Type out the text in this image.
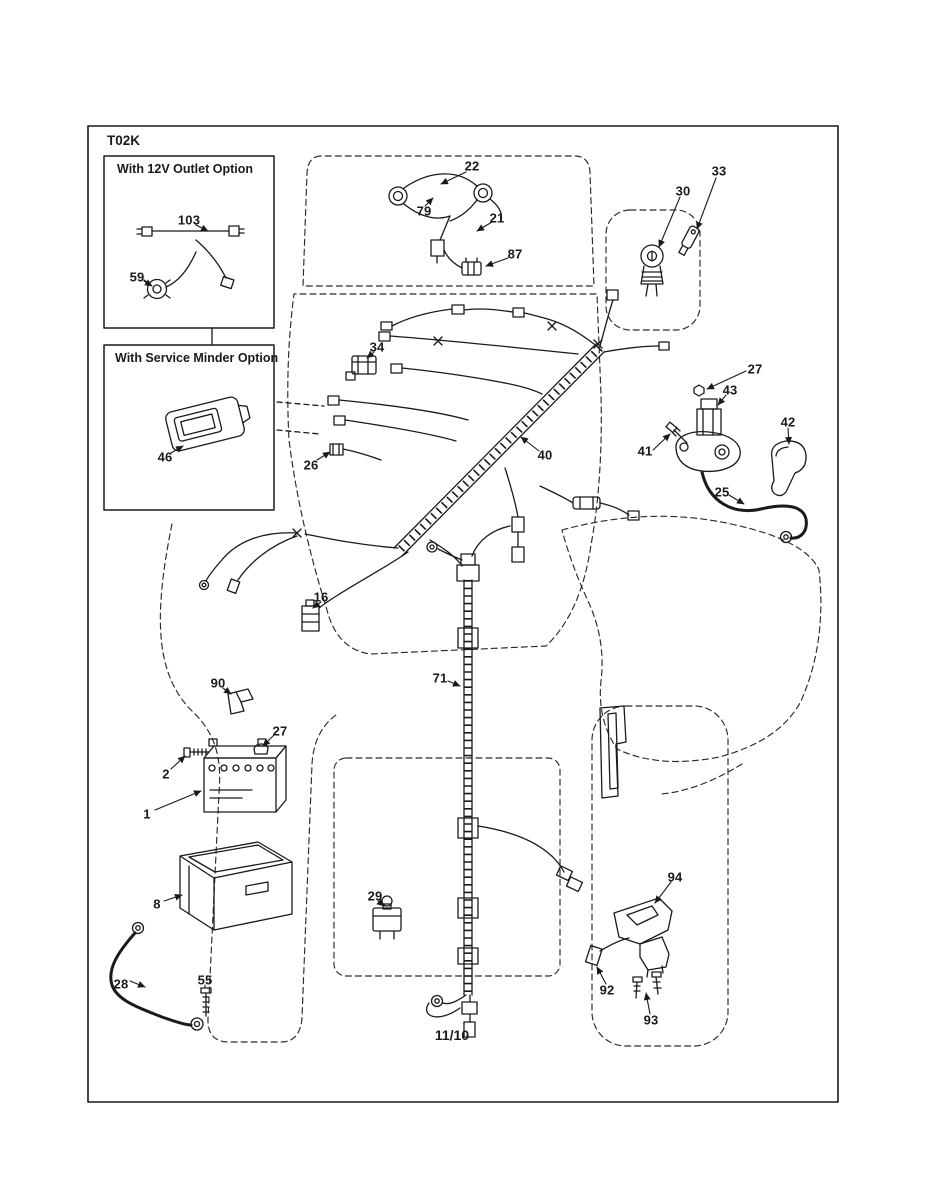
T02K
With 12V Outlet Option
With Service Minder Option
103
59
46
22
79	21
87
30
33
34
27
43
42
41
25
40
26
16
90
27
2
1
8
28	55
29
71
94
92
93
11/10
